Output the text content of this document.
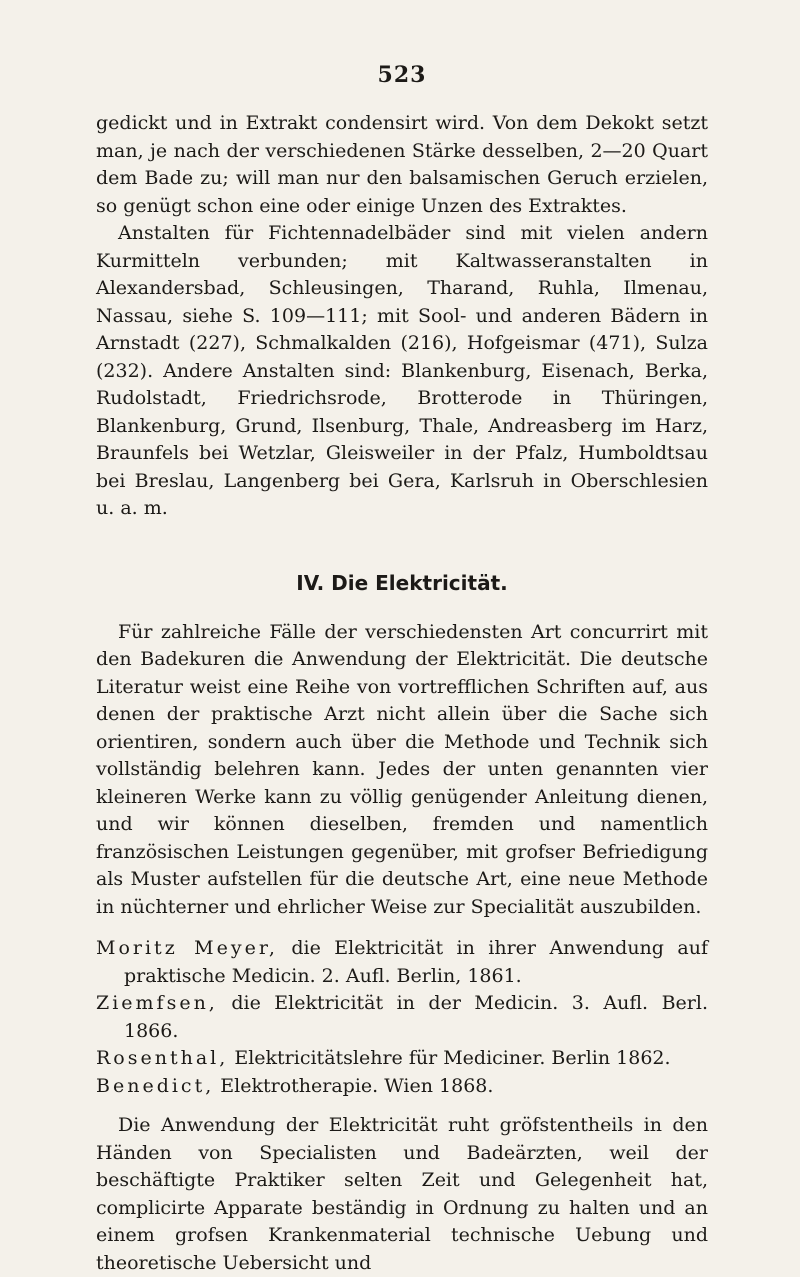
523

gedickt und in Extrakt condensirt wird. Von dem Dekokt setzt man, je nach der verschiedenen Stärke desselben, 2—20 Quart dem Bade zu; will man nur den balsamischen Geruch erzielen, so genügt schon eine oder einige Unzen des Extraktes.

Anstalten für Fichtennadelbäder sind mit vielen andern Kurmitteln verbunden; mit Kaltwasseranstalten in Alexandersbad, Schleusingen, Tharand, Ruhla, Ilmenau, Nassau, siehe S. 109—111; mit Sool- und anderen Bädern in Arnstadt (227), Schmalkalden (216), Hofgeismar (471), Sulza (232). Andere Anstalten sind: Blankenburg, Eisenach, Berka, Rudolstadt, Friedrichsrode, Brotterode in Thüringen, Blankenburg, Grund, Ilsenburg, Thale, Andreasberg im Harz, Braunfels bei Wetzlar, Gleisweiler in der Pfalz, Humboldtsau bei Breslau, Langenberg bei Gera, Karlsruh in Oberschlesien u. a. m.

IV. Die Elektricität.

Für zahlreiche Fälle der verschiedensten Art concurrirt mit den Badekuren die Anwendung der Elektricität. Die deutsche Literatur weist eine Reihe von vortrefflichen Schriften auf, aus denen der praktische Arzt nicht allein über die Sache sich orientiren, sondern auch über die Methode und Technik sich vollständig belehren kann. Jedes der unten genannten vier kleineren Werke kann zu völlig genügender Anleitung dienen, und wir können dieselben, fremden und namentlich französischen Leistungen gegenüber, mit grofser Befriedigung als Muster aufstellen für die deutsche Art, eine neue Methode in nüchterner und ehrlicher Weise zur Specialität auszubilden.

Moritz Meyer, die Elektricität in ihrer Anwendung auf praktische Medicin. 2. Aufl. Berlin, 1861.
Ziemfsen, die Elektricität in der Medicin. 3. Aufl. Berl. 1866.
Rosenthal, Elektricitätslehre für Mediciner. Berlin 1862.
Benedict, Elektrotherapie. Wien 1868.

Die Anwendung der Elektricität ruht gröfstentheils in den Händen von Specialisten und Badeärzten, weil der beschäftigte Praktiker selten Zeit und Gelegenheit hat, complicirte Apparate beständig in Ordnung zu halten und an einem grofsen Krankenmaterial technische Uebung und theoretische Uebersicht und
